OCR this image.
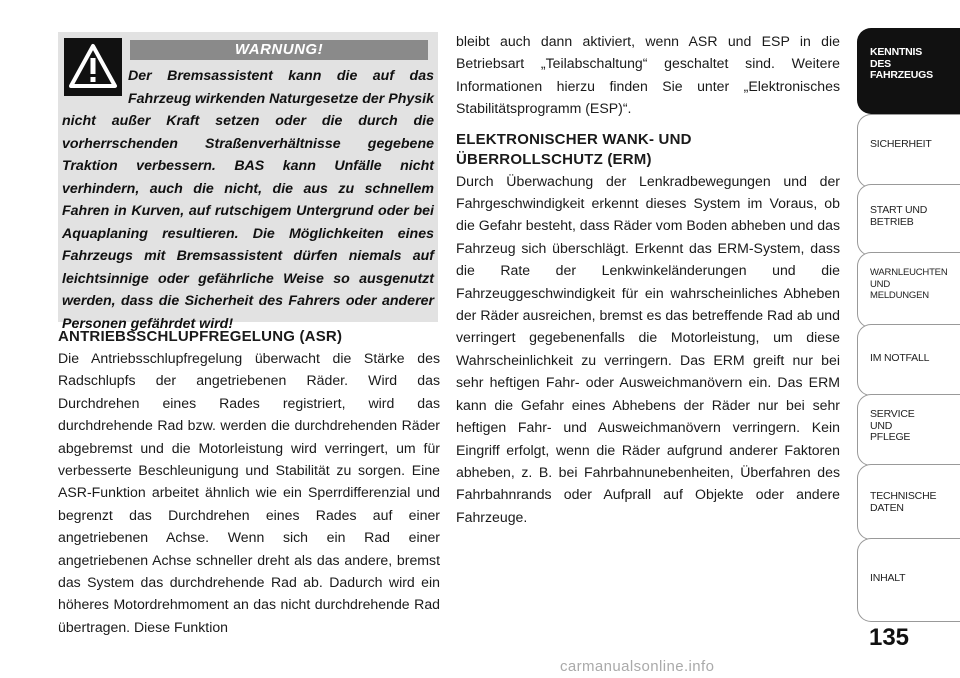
WARNUNG!
Der Bremsassistent kann die auf das Fahrzeug wirkenden Naturgesetze der Physik nicht außer Kraft setzen oder die durch die vorherrschenden Straßenverhältnisse gegebene Traktion verbessern. BAS kann Unfälle nicht verhindern, auch die nicht, die aus zu schnellem Fahren in Kurven, auf rutschigem Untergrund oder bei Aquaplaning resultieren. Die Möglichkeiten eines Fahrzeugs mit Bremsassistent dürfen niemals auf leichtsinnige oder gefährliche Weise so ausgenutzt werden, dass die Sicherheit des Fahrers oder anderer Personen gefährdet wird!
ANTRIEBSSCHLUPFREGELUNG (ASR)

Die Antriebsschlupfregelung überwacht die Stärke des Radschlupfs der angetriebenen Räder. Wird das Durchdrehen eines Rades registriert, wird das durchdrehende Rad bzw. werden die durchdrehenden Räder abgebremst und die Motorleistung wird verringert, um für verbesserte Beschleunigung und Stabilität zu sorgen. Eine ASR-Funktion arbeitet ähnlich wie ein Sperrdifferenzial und begrenzt das Durchdrehen eines Rades auf einer angetriebenen Achse. Wenn sich ein Rad einer angetriebenen Achse schneller dreht als das andere, bremst das System das durchdrehende Rad ab. Dadurch wird ein höheres Motordrehmoment an das nicht durchdrehende Rad übertragen. Diese Funktion

bleibt auch dann aktiviert, wenn ASR und ESP in die Betriebsart „Teilabschaltung“ geschaltet sind. Weitere Informationen hierzu finden Sie unter „Elektronisches Stabilitätsprogramm (ESP)“.

ELEKTRONISCHER WANK- UND
ÜBERROLLSCHUTZ (ERM)

Durch Überwachung der Lenkradbewegungen und der Fahrgeschwindigkeit erkennt dieses System im Voraus, ob die Gefahr besteht, dass Räder vom Boden abheben und das Fahrzeug sich überschlägt. Erkennt das ERM-System, dass die Rate der Lenkwinkeländerungen und die Fahrzeuggeschwindigkeit für ein wahrscheinliches Abheben der Räder ausreichen, bremst es das betreffende Rad ab und verringert gegebenenfalls die Motorleistung, um diese Wahrscheinlichkeit zu verringern. Das ERM greift nur bei sehr heftigen Fahr- oder Ausweichmanövern ein. Das ERM kann die Gefahr eines Abhebens der Räder nur bei sehr heftigen Fahr- und Ausweichmanövern verringern. Kein Eingriff erfolgt, wenn die Räder aufgrund anderer Faktoren abheben, z. B. bei Fahrbahnunebenheiten, Überfahren des Fahrbahnrands oder Aufprall auf Objekte oder andere Fahrzeuge.

KENNTNIS
DES
FAHRZEUGS
SICHERHEIT
START UND
BETRIEB
WARNLEUCHTEN
UND
MELDUNGEN
IM NOTFALL
SERVICE
UND
PFLEGE
TECHNISCHE
DATEN
INHALT
135
carmanualsonline.info
